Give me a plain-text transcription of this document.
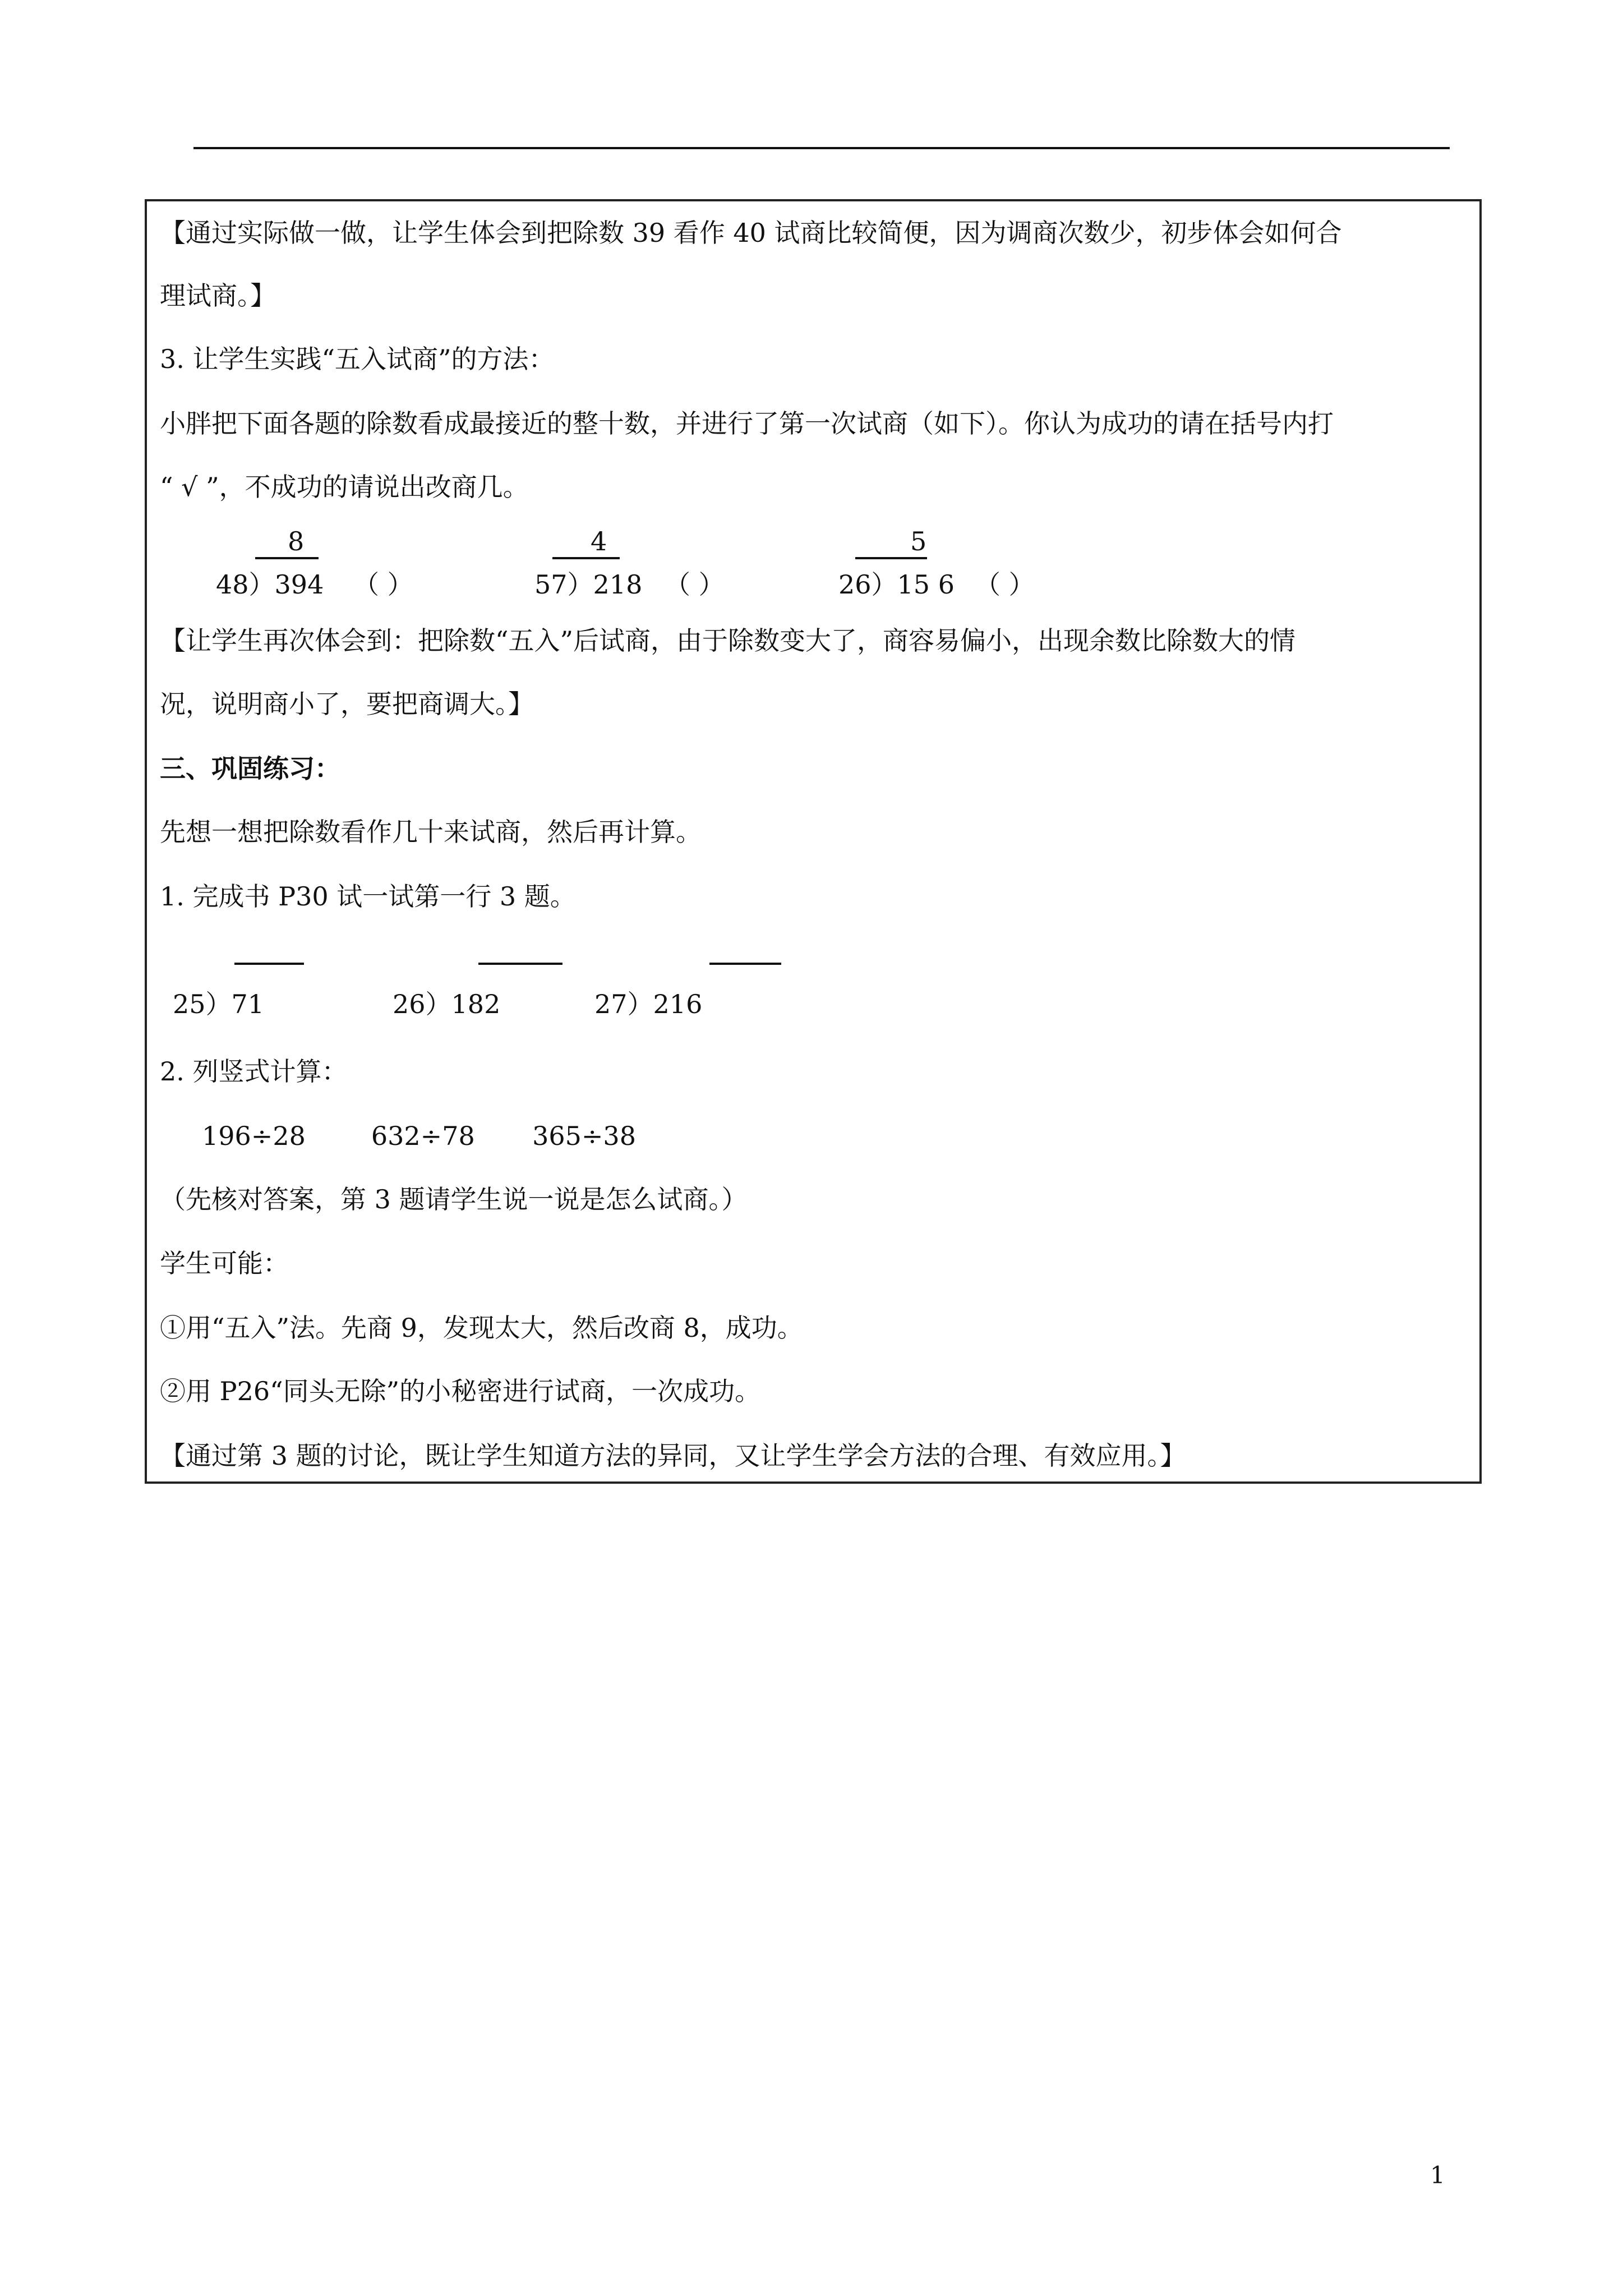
【通过实际做一做，让学生体会到把除数 39 看作 40 试商比较简便，因为调商次数少，初步体会如何合
理试商。】
3. 让学生实践“五入试商”的方法：
小胖把下面各题的除数看成最接近的整十数，并进行了第一次试商（如下）。你认为成功的请在括号内打
“ √ ”，不成功的请说出改商几。
8
48）394 （ ）
4
57）218 （ ）
5
26）15 6 （ ）
【让学生再次体会到：把除数“五入”后试商，由于除数变大了，商容易偏小，出现余数比除数大的情
况，说明商小了，要把商调大。】
三、巩固练习：
先想一想把除数看作几十来试商，然后再计算。
1. 完成书 P30 试一试第一行 3 题。
25）71	26）182	27）216
2. 列竖式计算：
196÷28        632÷78       365÷38
（先核对答案，第 3 题请学生说一说是怎么试商。）
学生可能：
①用“五入”法。先商 9，发现太大，然后改商 8，成功。
②用 P26“同头无除”的小秘密进行试商，一次成功。
【通过第 3 题的讨论，既让学生知道方法的异同，又让学生学会方法的合理、有效应用。】
1
